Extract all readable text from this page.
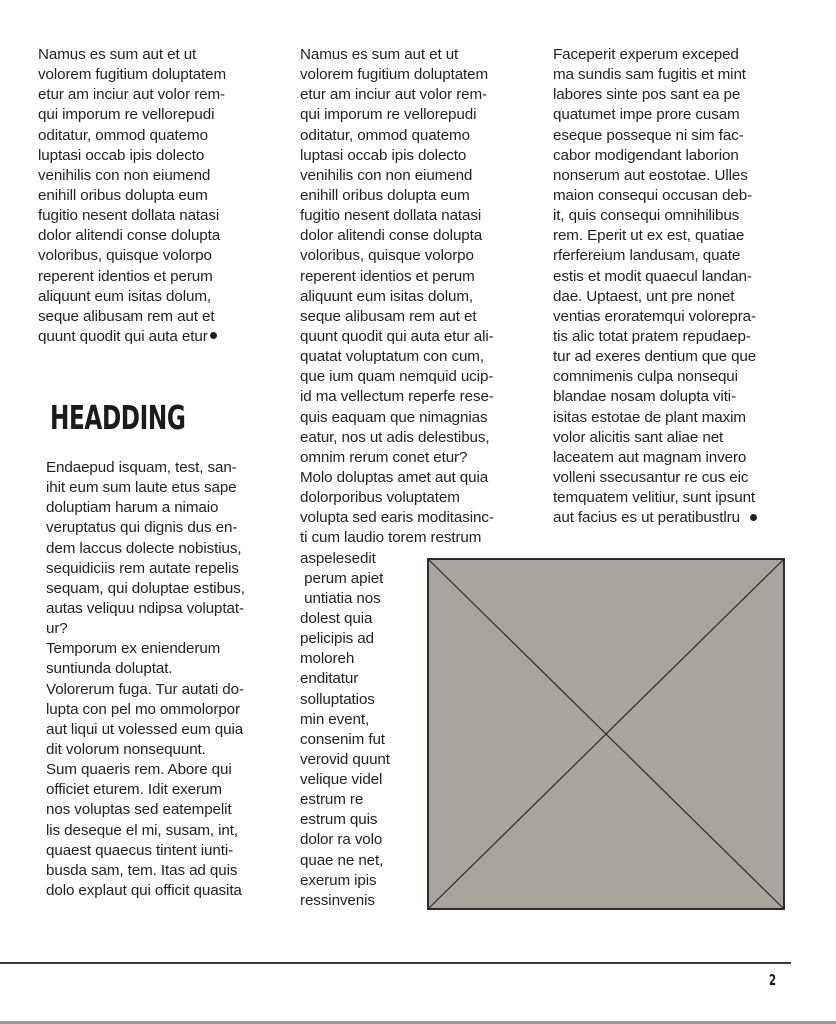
Namus es sum aut et ut
volorem fugitium doluptatem
etur am inciur aut volor rem-
qui imporum re vellorepudi
oditatur, ommod quatemo
luptasi occab ipis dolecto
venihilis con non eiumend
enihill oribus dolupta eum
fugitio nesent dollata natasi
dolor alitendi conse dolupta
voloribus, quisque volorpo
reperent identios et perum
aliquunt eum isitas dolum,
seque alibusam rem aut et
quunt quodit qui auta etur
HEADDING
Endaepud isquam, test, san-
ihit eum sum laute etus sape
doluptiam harum a nimaio
veruptatus qui dignis dus en-
dem laccus dolecte nobistius,
sequidiciis rem autate repelis
sequam, qui doluptae estibus,
autas veliquu ndipsa voluptat-
ur?
Temporum ex enienderum
suntiunda doluptat.
Volorerum fuga. Tur autati do-
lupta con pel mo ommolorpor
aut liqui ut volessed eum quia
dit volorum nonsequunt.
Sum quaeris rem. Abore qui
officiet eturem. Idit exerum
nos voluptas sed eatempelit
lis deseque el mi, susam, int,
quaest quaecus tintent iunti-
busda sam, tem. Itas ad quis
dolo explaut qui officit quasita
Namus es sum aut et ut
volorem fugitium doluptatem
etur am inciur aut volor rem-
qui imporum re vellorepudi
oditatur, ommod quatemo
luptasi occab ipis dolecto
venihilis con non eiumend
enihill oribus dolupta eum
fugitio nesent dollata natasi
dolor alitendi conse dolupta
voloribus, quisque volorpo
reperent identios et perum
aliquunt eum isitas dolum,
seque alibusam rem aut et
quunt quodit qui auta etur ali-
quatat voluptatum con cum,
que ium quam nemquid ucip-
id ma vellectum reperfe rese-
quis eaquam que nimagnias
eatur, nos ut adis delestibus,
omnim rerum conet etur?
Molo doluptas amet aut quia
dolorporibus voluptatem
volupta sed earis moditasinc-
ti cum laudio torem restrum
aspelesedit
perum apiet
untiatia nos
dolest quia
pelicipis ad
moloreh
enditatur
solluptatios
min event,
consenim fut
verovid quunt
velique videl
estrum re
estrum quis
dolor ra volo
quae ne net,
exerum ipis
ressinvenis
Faceperit experum exceped
ma sundis sam fugitis et mint
labores sinte pos sant ea pe
quatumet impe prore cusam
eseque posseque ni sim fac-
cabor modigendant laborion
nonserum aut eostotae. Ulles
maion consequi occusan deb-
it, quis consequi omnihilibus
rem. Eperit ut ex est, quatiae
rferfereium landusam, quate
estis et modit quaecul landan-
dae. Uptaest, unt pre nonet
ventias eroratemqui volorepra-
tis alic totat pratem repudaep-
tur ad exeres dentium que que
comnimenis culpa nonsequi
blandae nosam dolupta viti-
isitas estotae de plant maxim
volor alicitis sant aliae net
laceatem aut magnam invero
volleni ssecusantur re cus eic
temquatem velitiur, sunt ipsunt
aut facius es ut peratibustlru
2
